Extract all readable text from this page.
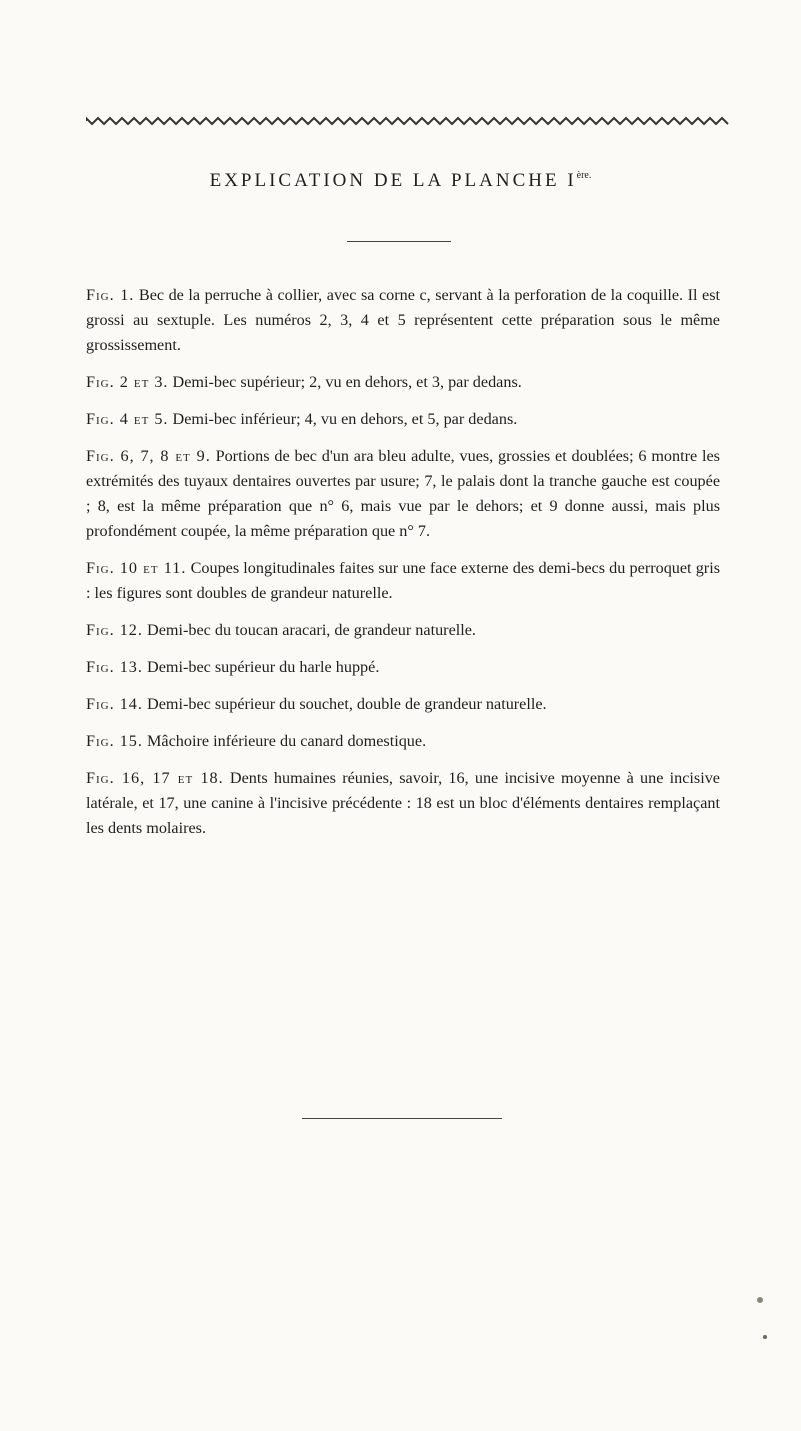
EXPLICATION DE LA PLANCHE $I^{ère.}$

Fig. 1. Bec de la perruche à collier, avec sa corne c, servant à la perforation de la coquille. Il est grossi au sextuple. Les numéros 2, 3, 4 et 5 représentent cette préparation sous le même grossissement.

Fig. 2 et 3. Demi-bec supérieur; 2, vu en dehors, et 3, par dedans.

Fig. 4 et 5. Demi-bec inférieur; 4, vu en dehors, et 5, par dedans.

Fig. 6, 7, 8 et 9. Portions de bec d'un ara bleu adulte, vues, grossies et doublées; 6 montre les extrémités des tuyaux dentaires ouvertes par usure; 7, le palais dont la tranche gauche est coupée ; 8, est la même préparation que n° 6, mais vue par le dehors; et 9 donne aussi, mais plus profondément coupée, la même préparation que n° 7.

Fig. 10 et 11. Coupes longitudinales faites sur une face externe des demi-becs du perroquet gris : les figures sont doubles de grandeur naturelle.

Fig. 12. Demi-bec du toucan aracari, de grandeur naturelle.

Fig. 13. Demi-bec supérieur du harle huppé.

Fig. 14. Demi-bec supérieur du souchet, double de grandeur naturelle.

Fig. 15. Mâchoire inférieure du canard domestique.

Fig. 16, 17 et 18. Dents humaines réunies, savoir, 16, une incisive moyenne à une incisive latérale, et 17, une canine à l'incisive précédente : 18 est un bloc d'éléments dentaires remplaçant les dents molaires.
